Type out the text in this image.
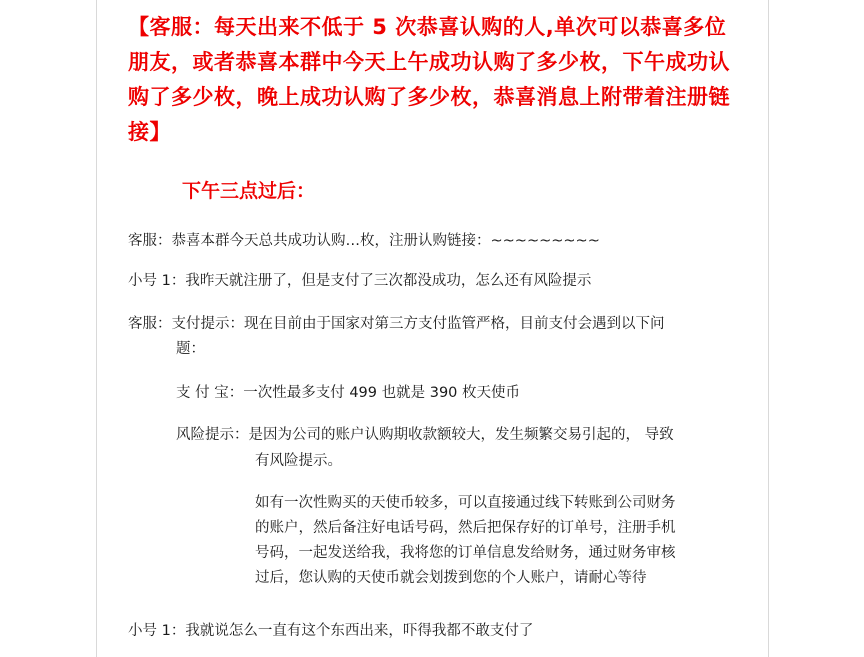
【客服：每天出来不低于 5 次恭喜认购的人,单次可以恭喜多位朋友，或者恭喜本群中今天上午成功认购了多少枚，下午成功认购了多少枚，晚上成功认购了多少枚，恭喜消息上附带着注册链接】
下午三点过后：
客服：恭喜本群今天总共成功认购…枚，注册认购链接：~~~~~~~~~
小号 1：我昨天就注册了，但是支付了三次都没成功，怎么还有风险提示
客服：支付提示：现在目前由于国家对第三方支付监管严格，目前支付会遇到以下问
题：
支 付 宝：一次性最多支付 499 也就是 390 枚天使币
风险提示：是因为公司的账户认购期收款额较大，发生频繁交易引起的， 导致
有风险提示。
如有一次性购买的天使币较多，可以直接通过线下转账到公司财务
的账户，然后备注好电话号码，然后把保存好的订单号，注册手机
号码，一起发送给我，我将您的订单信息发给财务，通过财务审核
过后，您认购的天使币就会划拨到您的个人账户，请耐心等待
小号 1：我就说怎么一直有这个东西出来，吓得我都不敢支付了
